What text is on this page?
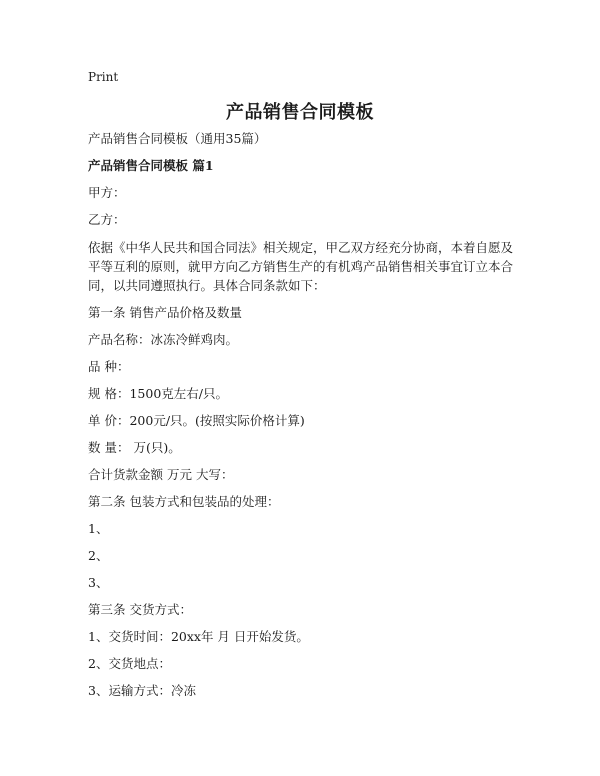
Print
产品销售合同模板

产品销售合同模板（通用35篇）

产品销售合同模板 篇1

甲方：

乙方：

依据《中华人民共和国合同法》相关规定，甲乙双方经充分协商，本着自愿及平等互利的原则，就甲方向乙方销售生产的有机鸡产品销售相关事宜订立本合同，以共同遵照执行。具体合同条款如下：

第一条 销售产品价格及数量

产品名称：冰冻冷鲜鸡肉。

品 种：

规 格：1500克左右/只。

单 价：200元/只。(按照实际价格计算)

数 量： 万(只)。

合计货款金额 万元 大写：

第二条 包装方式和包装品的处理：

1、

2、

3、

第三条 交货方式：

1、交货时间：20xx年 月 日开始发货。

2、交货地点：

3、运输方式：冷冻
